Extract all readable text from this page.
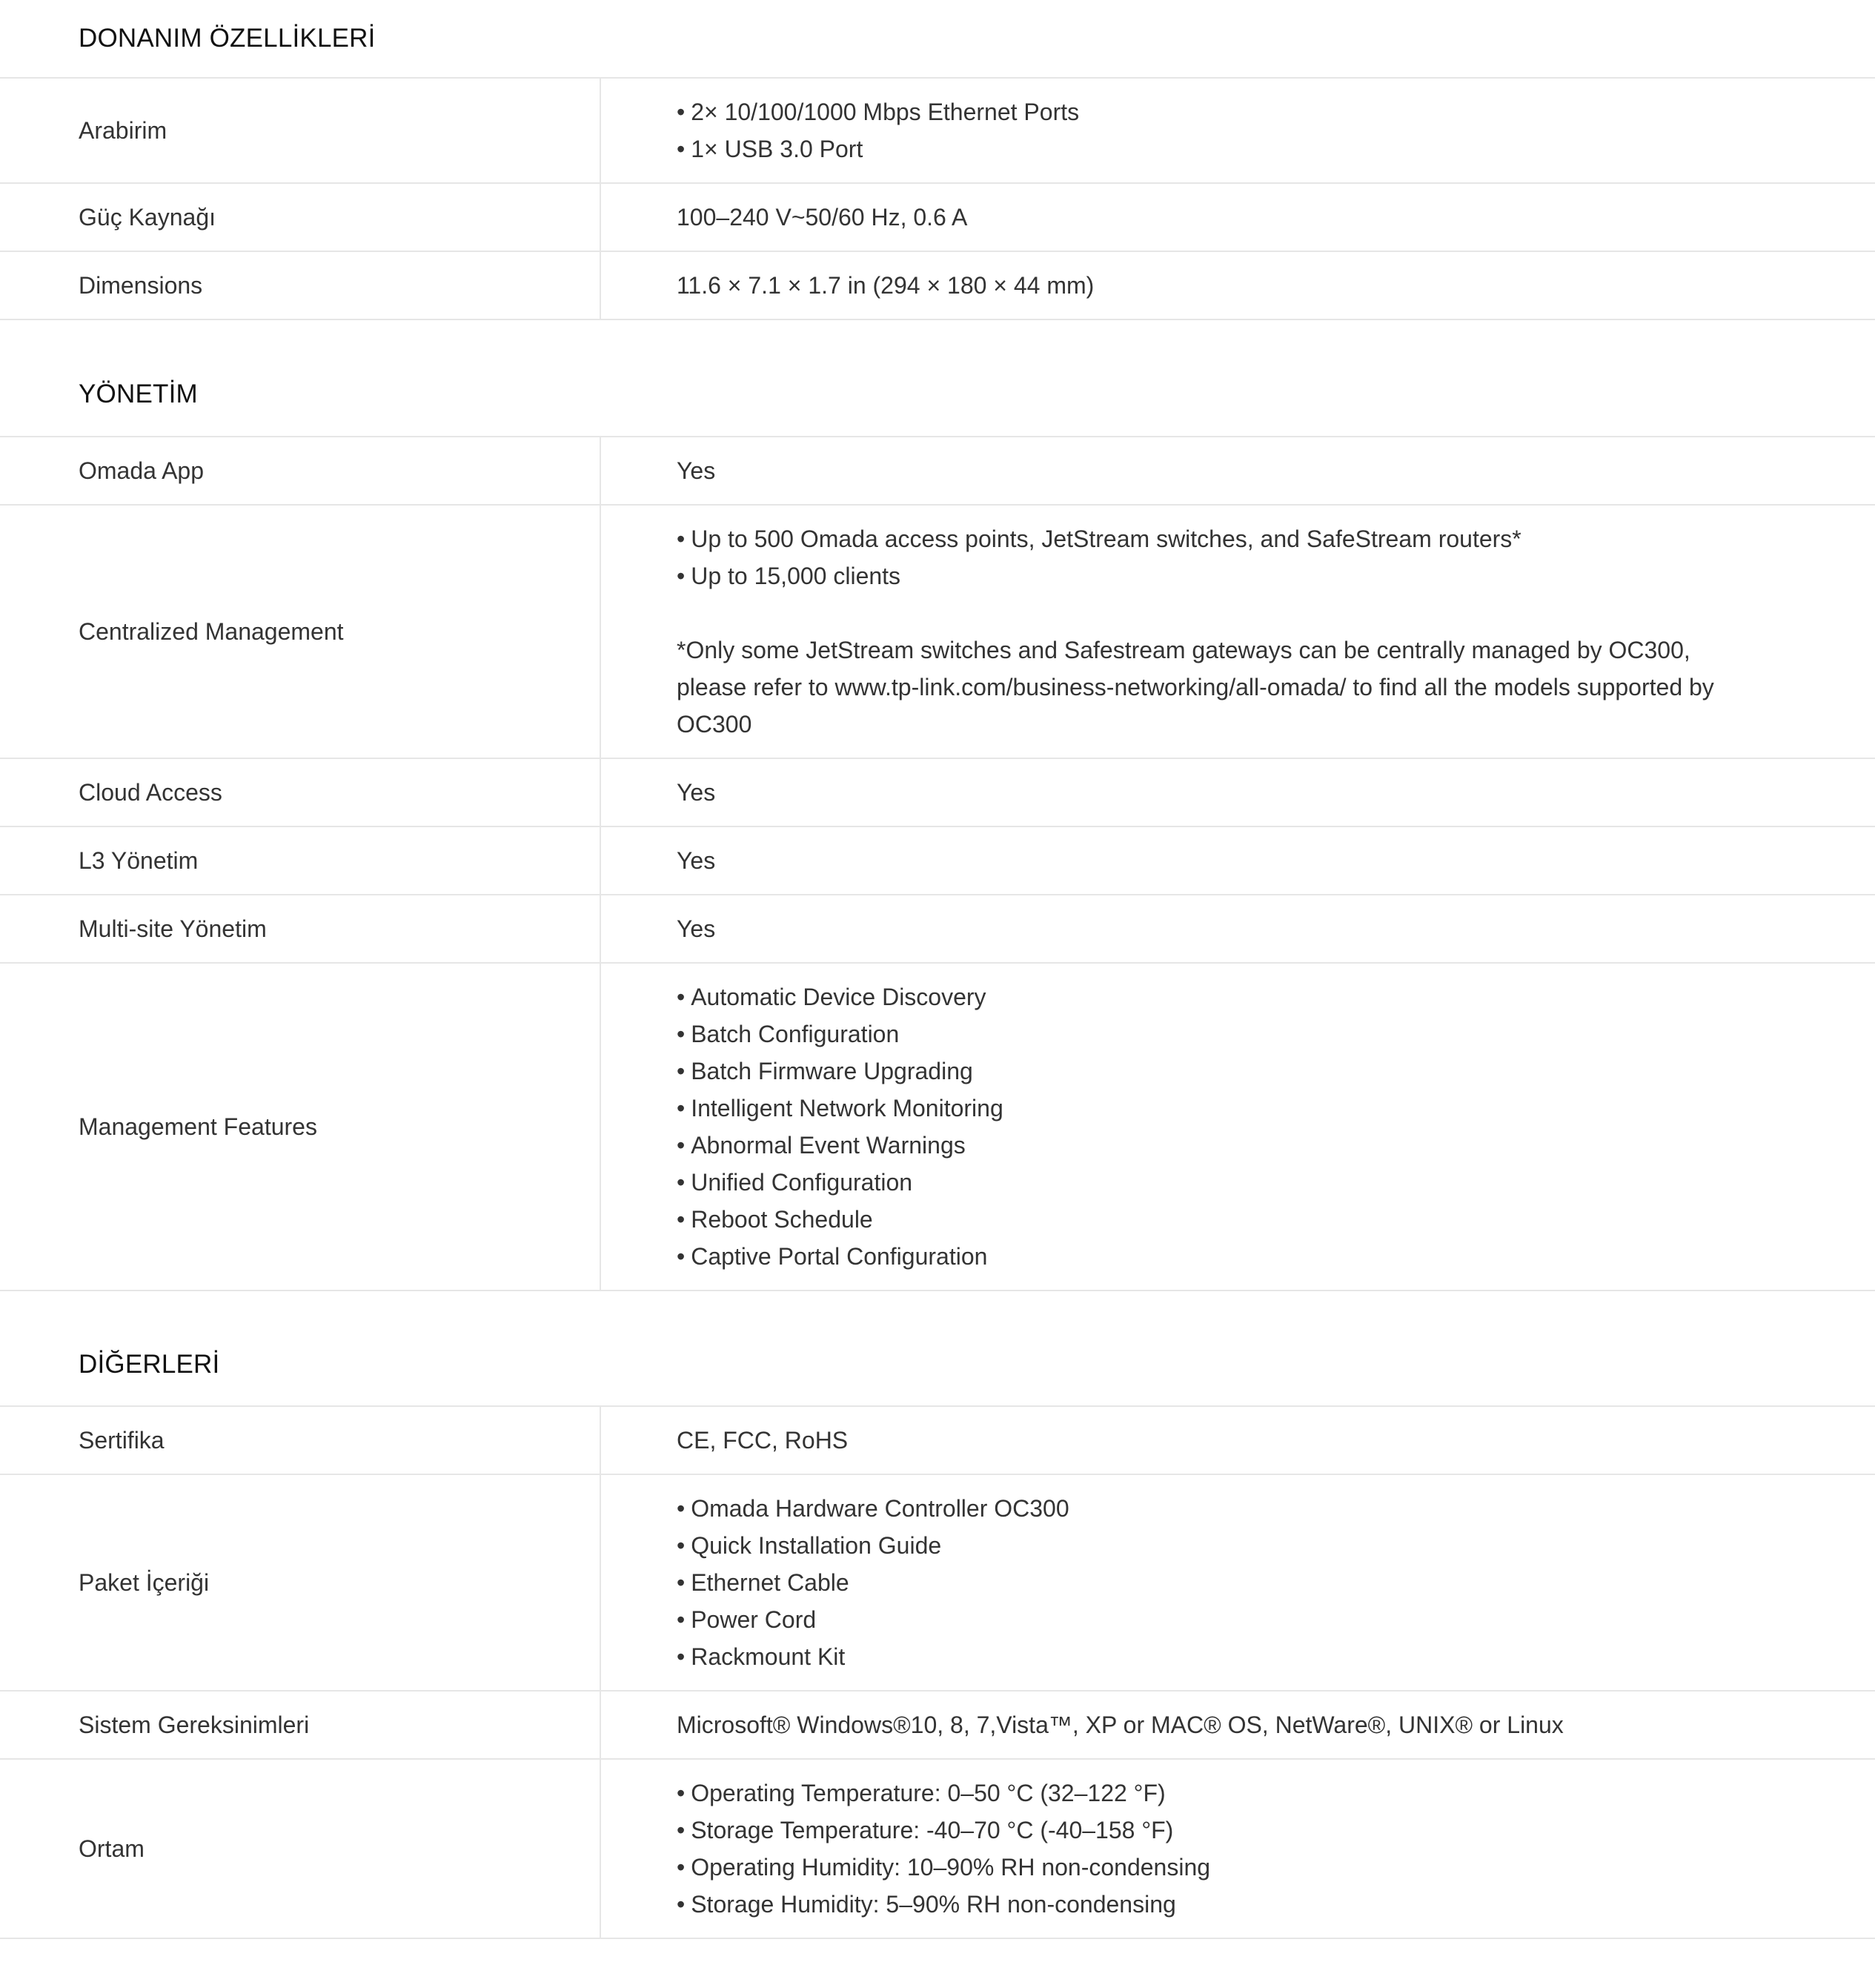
DONANIM ÖZELLİKLERİ
Arabirim
• 2× 10/100/1000 Mbps Ethernet Ports
• 1× USB 3.0 Port
Güç Kaynağı	100–240 V~50/60 Hz, 0.6 A
Dimensions	11.6 × 7.1 × 1.7 in (294 × 180 × 44 mm)
YÖNETİM
Omada App	Yes
Centralized Management
• Up to 500 Omada access points, JetStream switches, and SafeStream routers*
• Up to 15,000 clients
*Only some JetStream switches and Safestream gateways can be centrally managed by OC300, please refer to www.tp-link.com/business-networking/all-omada/ to find all the models supported by OC300
Cloud Access	Yes
L3 Yönetim	Yes
Multi-site Yönetim	Yes
Management Features
• Automatic Device Discovery
• Batch Configuration
• Batch Firmware Upgrading
• Intelligent Network Monitoring
• Abnormal Event Warnings
• Unified Configuration
• Reboot Schedule
• Captive Portal Configuration
DİĞERLERİ
Sertifika	CE, FCC, RoHS
Paket İçeriği
• Omada Hardware Controller OC300
• Quick Installation Guide
• Ethernet Cable
• Power Cord
• Rackmount Kit
Sistem Gereksinimleri	Microsoft® Windows®10, 8, 7,Vista™, XP or MAC® OS, NetWare®, UNIX® or Linux
Ortam
• Operating Temperature: 0–50 °C (32–122 °F)
• Storage Temperature: -40–70 °C (-40–158 °F)
• Operating Humidity: 10–90% RH non-condensing
• Storage Humidity: 5–90% RH non-condensing
